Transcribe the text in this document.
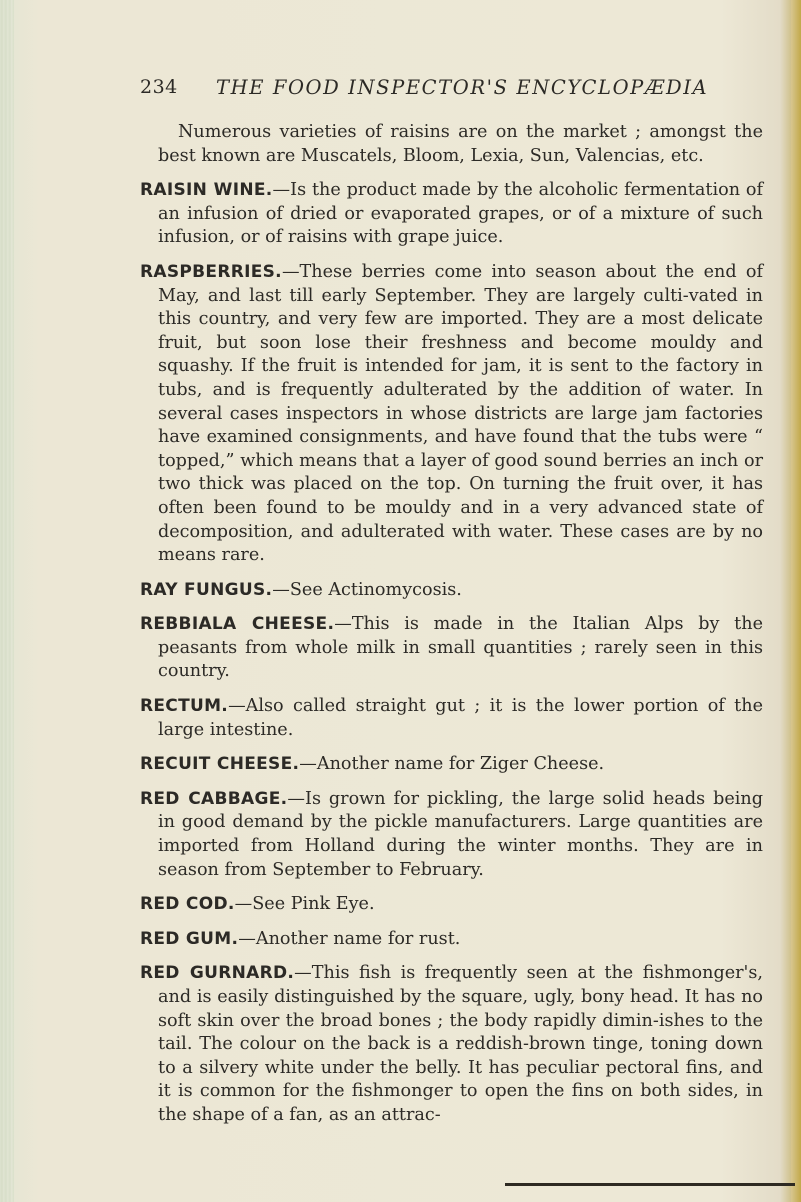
234 THE FOOD INSPECTOR'S ENCYCLOPÆDIA

Numerous varieties of raisins are on the market ; amongst the best known are Muscatels, Bloom, Lexia, Sun, Valencias, etc.

RAISIN WINE.—Is the product made by the alcoholic fermentation of an infusion of dried or evaporated grapes, or of a mixture of such infusion, or of raisins with grape juice.

RASPBERRIES.—These berries come into season about the end of May, and last till early September. They are largely culti-vated in this country, and very few are imported. They are a most delicate fruit, but soon lose their freshness and become mouldy and squashy. If the fruit is intended for jam, it is sent to the factory in tubs, and is frequently adulterated by the addition of water. In several cases inspectors in whose districts are large jam factories have examined consignments, and have found that the tubs were “ topped,” which means that a layer of good sound berries an inch or two thick was placed on the top. On turning the fruit over, it has often been found to be mouldy and in a very advanced state of decomposition, and adulterated with water. These cases are by no means rare.

RAY FUNGUS.—See Actinomycosis.

REBBIALA CHEESE.—This is made in the Italian Alps by the peasants from whole milk in small quantities ; rarely seen in this country.

RECTUM.—Also called straight gut ; it is the lower portion of the large intestine.

RECUIT CHEESE.—Another name for Ziger Cheese.

RED CABBAGE.—Is grown for pickling, the large solid heads being in good demand by the pickle manufacturers. Large quantities are imported from Holland during the winter months. They are in season from September to February.

RED COD.—See Pink Eye.

RED GUM.—Another name for rust.

RED GURNARD.—This fish is frequently seen at the fishmonger's, and is easily distinguished by the square, ugly, bony head. It has no soft skin over the broad bones ; the body rapidly dimin-ishes to the tail. The colour on the back is a reddish-brown tinge, toning down to a silvery white under the belly. It has peculiar pectoral fins, and it is common for the fishmonger to open the fins on both sides, in the shape of a fan, as an attrac-
